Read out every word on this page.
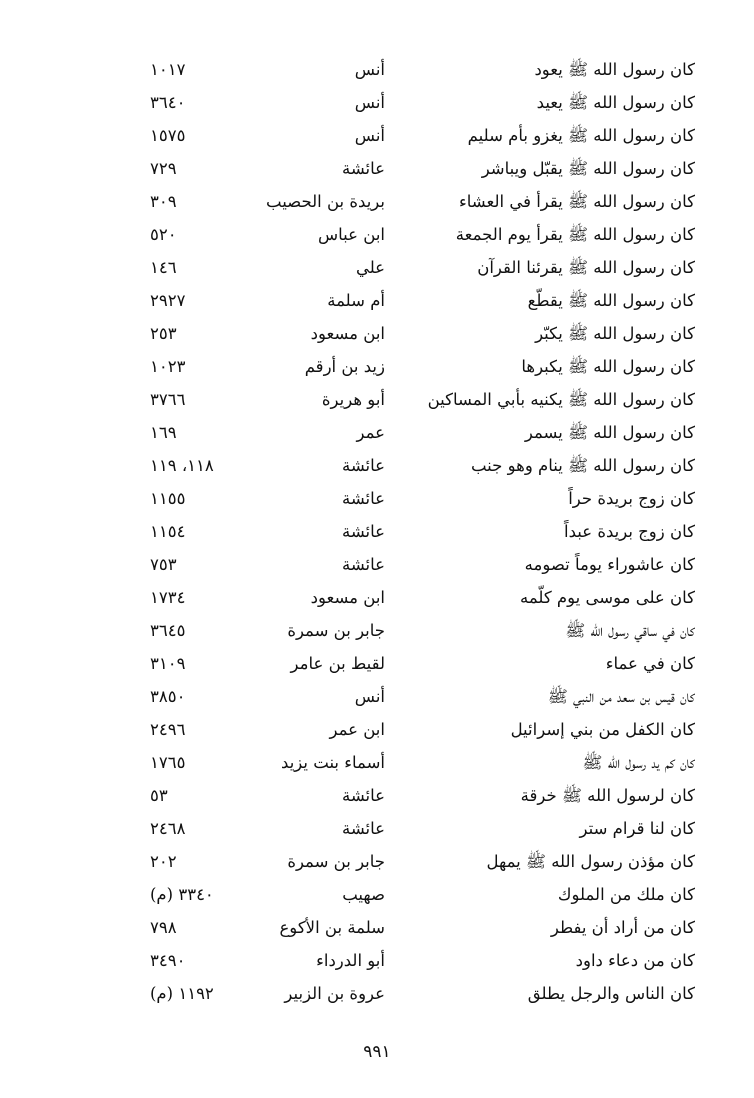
كان رسول الله ﷺ يعود
أنس
١٠١٧
كان رسول الله ﷺ يعيد
أنس
٣٦٤٠
كان رسول الله ﷺ يغزو بأم سليم
أنس
١٥٧٥
كان رسول الله ﷺ يقبّل ويباشر
عائشة
٧٢٩
كان رسول الله ﷺ يقرأ في العشاء
بريدة بن الحصيب
٣٠٩
كان رسول الله ﷺ يقرأ يوم الجمعة
ابن عباس
٥٢٠
كان رسول الله ﷺ يقرئنا القرآن
علي
١٤٦
كان رسول الله ﷺ يقطّع
أم سلمة
٢٩٢٧
كان رسول الله ﷺ يكبّر
ابن مسعود
٢٥٣
كان رسول الله ﷺ يكبرها
زيد بن أرقم
١٠٢٣
كان رسول الله ﷺ يكنيه بأبي المساكين
أبو هريرة
٣٧٦٦
كان رسول الله ﷺ يسمر
عمر
١٦٩
كان رسول الله ﷺ ينام وهو جنب
عائشة
١١٨، ١١٩
كان زوج بريدة حراً
عائشة
١١٥٥
كان زوج بريدة عبداً
عائشة
١١٥٤
كان عاشوراء يوماً تصومه
عائشة
٧٥٣
كان على موسى يوم كلّمه
ابن مسعود
١٧٣٤
كان في ساقي رسول الله ﷺ
جابر بن سمرة
٣٦٤٥
كان في عماء
لقيط بن عامر
٣١٠٩
كان قيس بن سعد من النبي ﷺ
أنس
٣٨٥٠
كان الكفل من بني إسرائيل
ابن عمر
٢٤٩٦
كان كم يد رسول الله ﷺ
أسماء بنت يزيد
١٧٦٥
كان لرسول الله ﷺ خرقة
عائشة
٥٣
كان لنا قرام ستر
عائشة
٢٤٦٨
كان مؤذن رسول الله ﷺ يمهل
جابر بن سمرة
٢٠٢
كان ملك من الملوك
صهيب
٣٣٤٠ (م)
كان من أراد أن يفطر
سلمة بن الأكوع
٧٩٨
كان من دعاء داود
أبو الدرداء
٣٤٩٠
كان الناس والرجل يطلق
عروة بن الزبير
١١٩٢ (م)
٩٩١
